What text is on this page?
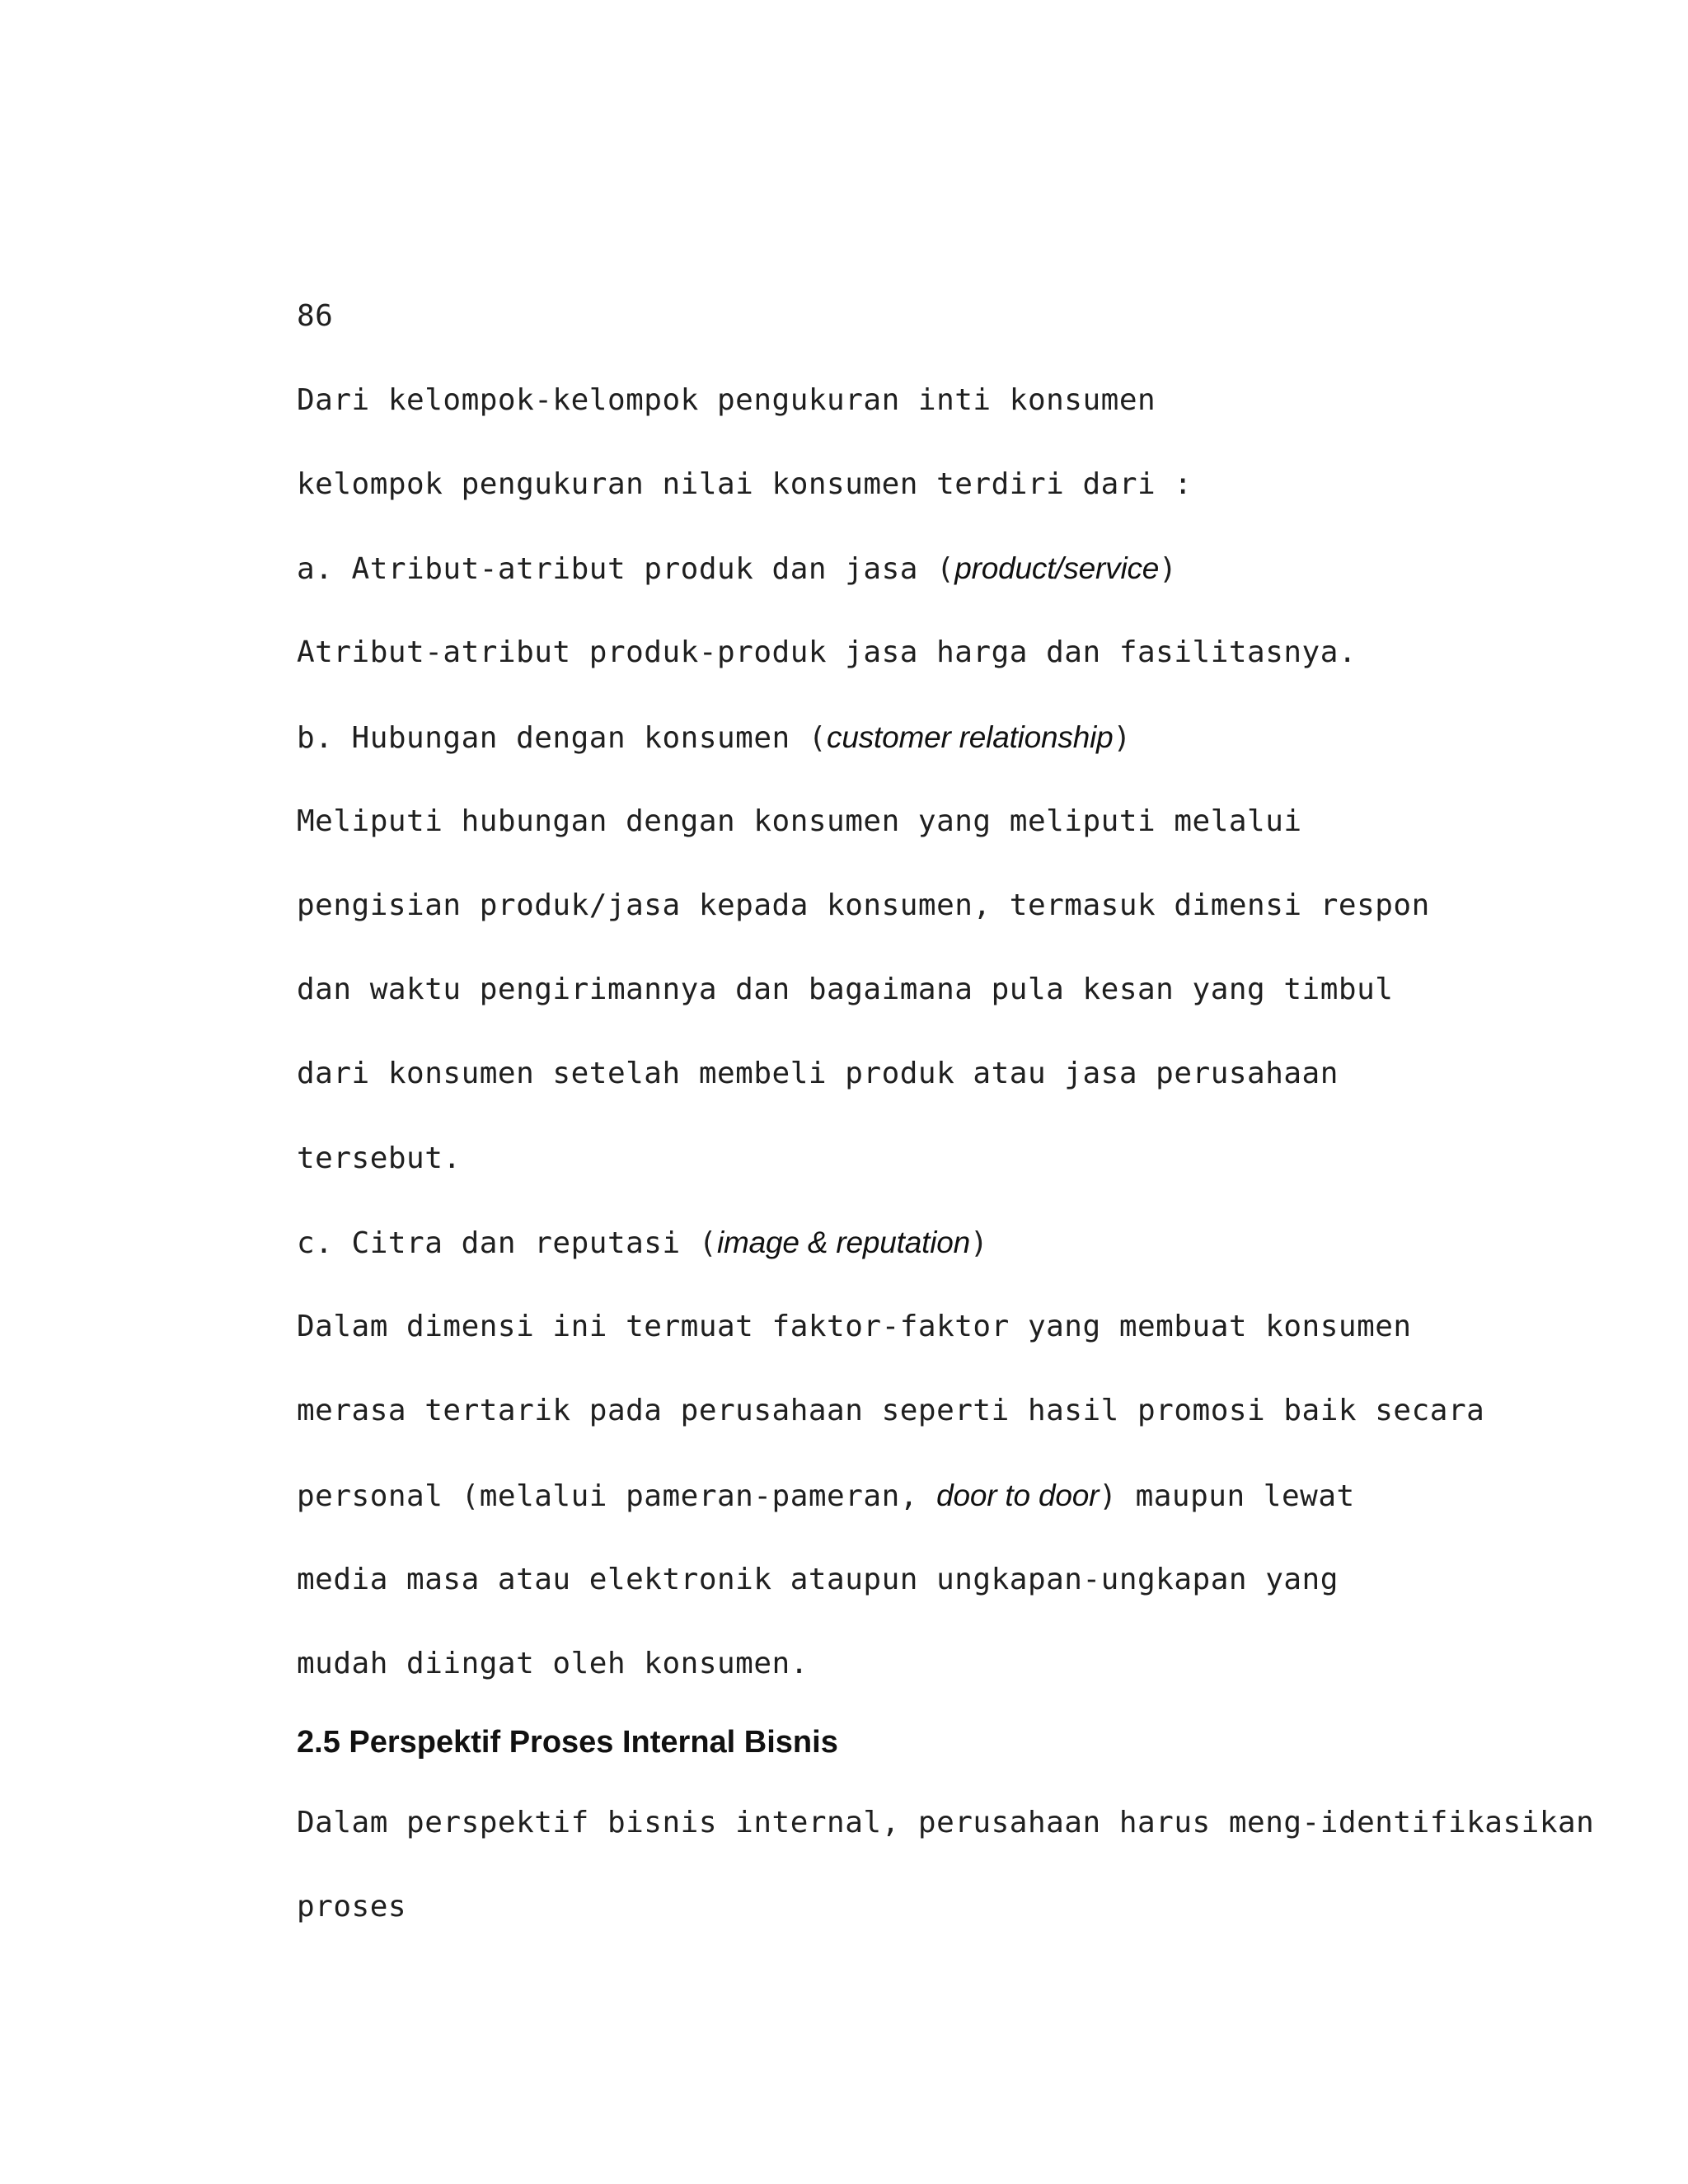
86
Dari kelompok-kelompok pengukuran inti konsumen
kelompok pengukuran nilai konsumen terdiri dari :
a. Atribut-atribut produk dan jasa (product/service)
Atribut-atribut produk-produk jasa harga dan fasilitasnya.
b. Hubungan dengan konsumen (customer relationship)
Meliputi hubungan dengan konsumen yang meliputi melalui
pengisian produk/jasa kepada konsumen, termasuk dimensi respon
dan waktu pengirimannya dan bagaimana pula kesan yang timbul
dari konsumen setelah membeli produk atau jasa perusahaan
tersebut.
c. Citra dan reputasi (image & reputation)
Dalam dimensi ini termuat faktor-faktor yang membuat konsumen
merasa tertarik pada perusahaan seperti hasil promosi baik secara
personal (melalui pameran-pameran, door to door) maupun lewat
media masa atau elektronik ataupun ungkapan-ungkapan yang
mudah diingat oleh konsumen.
2.5 Perspektif Proses Internal Bisnis
Dalam perspektif bisnis internal, perusahaan harus meng-identifikasikan
proses
